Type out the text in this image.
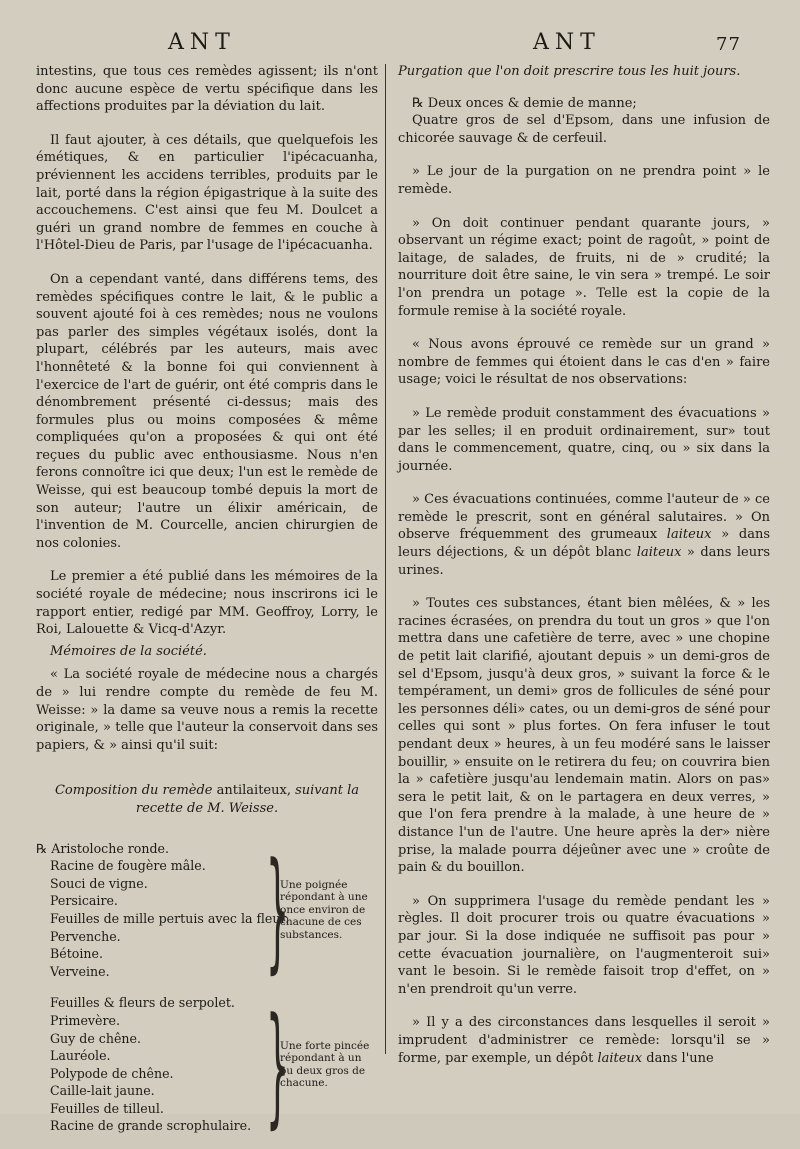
ANT	ANT	77

intestins, que tous ces remèdes agissent; ils n'ont donc aucune espèce de vertu spécifique dans les affections produites par la déviation du lait.

Il faut ajouter, à ces détails, que quelquefois les émétiques, & en particulier l'ipécacuanha, préviennent les accidens terribles, produits par le lait, porté dans la région épigastrique à la suite des accouchemens. C'est ainsi que feu M. Doulcet a guéri un grand nombre de femmes en couche à l'Hôtel-Dieu de Paris, par l'usage de l'ipécacuanha.

On a cependant vanté, dans différens tems, des remèdes spécifiques contre le lait, & le public a souvent ajouté foi à ces remèdes; nous ne voulons pas parler des simples végétaux isolés, dont la plupart, célébrés par les auteurs, mais avec l'honnêteté & la bonne foi qui conviennent à l'exercice de l'art de guérir, ont été compris dans le dénombrement présenté ci-dessus; mais des formules plus ou moins composées & même compliquées qu'on a proposées & qui ont été reçues du public avec enthousiasme. Nous n'en ferons connoître ici que deux; l'un est le remède de Weisse, qui est beaucoup tombé depuis la mort de son auteur; l'autre un élixir américain, de l'invention de M. Courcelle, ancien chirurgien de nos colonies.

Le premier a été publié dans les mémoires de la société royale de médecine; nous inscrirons ici le rapport entier, redigé par MM. Geoffroy, Lorry, le Roi, Lalouette & Vicq-d'Azyr.

Mémoires de la société.

« La société royale de médecine nous a chargés de » lui rendre compte du remède de feu M. Weisse: » la dame sa veuve nous a remis la recette originale, » telle que l'auteur la conservoit dans ses papiers, & » ainsi qu'il suit:

Composition du remède antilaiteux, suivant la recette de M. Weisse.

℞ Aristoloche ronde.
Racine de fougère mâle.
Souci de vigne.
Persicaire.
Feuilles de mille pertuis avec la fleur.
Pervenche.
Bétoine.
Verveine.	}
Une poignée répondant à une once environ de chacune de ces substances.
Feuilles & fleurs de serpolet.
Primevère.
Guy de chêne.
Lauréole.
Polypode de chêne.
Caille-lait jaune.
Feuilles de tilleul.
Racine de grande scrophulaire. }
Une forte pincée répondant à un ou deux gros de chacune.

Purgation que l'on doit prescrire tous les huit jours.

℞ Deux onces & demie de manne;

Quatre gros de sel d'Epsom, dans une infusion de chicorée sauvage & de cerfeuil.

» Le jour de la purgation on ne prendra point » le remède.

» On doit continuer pendant quarante jours, » observant un régime exact; point de ragoût, » point de laitage, de salades, de fruits, ni de » crudité; la nourriture doit être saine, le vin sera » trempé. Le soir l'on prendra un potage ». Telle est la copie de la formule remise à la société royale.

« Nous avons éprouvé ce remède sur un grand » nombre de femmes qui étoient dans le cas d'en » faire usage; voici le résultat de nos observations:

» Le remède produit constamment des évacuations » par les selles; il en produit ordinairement, sur» tout dans le commencement, quatre, cinq, ou » six dans la journée.

» Ces évacuations continuées, comme l'auteur de » ce remède le prescrit, sont en général salutaires. » On observe fréquemment des grumeaux laiteux » dans leurs déjections, & un dépôt blanc laiteux » dans leurs urines.

» Toutes ces substances, étant bien mêlées, & » les racines écrasées, on prendra du tout un gros » que l'on mettra dans une cafetière de terre, avec » une chopine de petit lait clarifié, ajoutant depuis » un demi-gros de sel d'Epsom, jusqu'à deux gros, » suivant la force & le tempérament, un demi» gros de follicules de séné pour les personnes déli» cates, ou un demi-gros de séné pour celles qui sont » plus fortes. On fera infuser le tout pendant deux » heures, à un feu modéré sans le laisser bouillir, » ensuite on le retirera du feu; on couvrira bien la » cafetière jusqu'au lendemain matin. Alors on pas» sera le petit lait, & on le partagera en deux verres, » que l'on fera prendre à la malade, à une heure de » distance l'un de l'autre. Une heure après la der» nière prise, la malade pourra déjeûner avec une » croûte de pain & du bouillon.

» On supprimera l'usage du remède pendant les » règles. Il doit procurer trois ou quatre évacuations » par jour. Si la dose indiquée ne suffisoit pas pour » cette évacuation journalière, on l'augmenteroit sui» vant le besoin. Si le remède faisoit trop d'effet, on » n'en prendroit qu'un verre.

» Il y a des circonstances dans lesquelles il seroit » imprudent d'administrer ce remède: lorsqu'il se » forme, par exemple, un dépôt laiteux dans l'une
